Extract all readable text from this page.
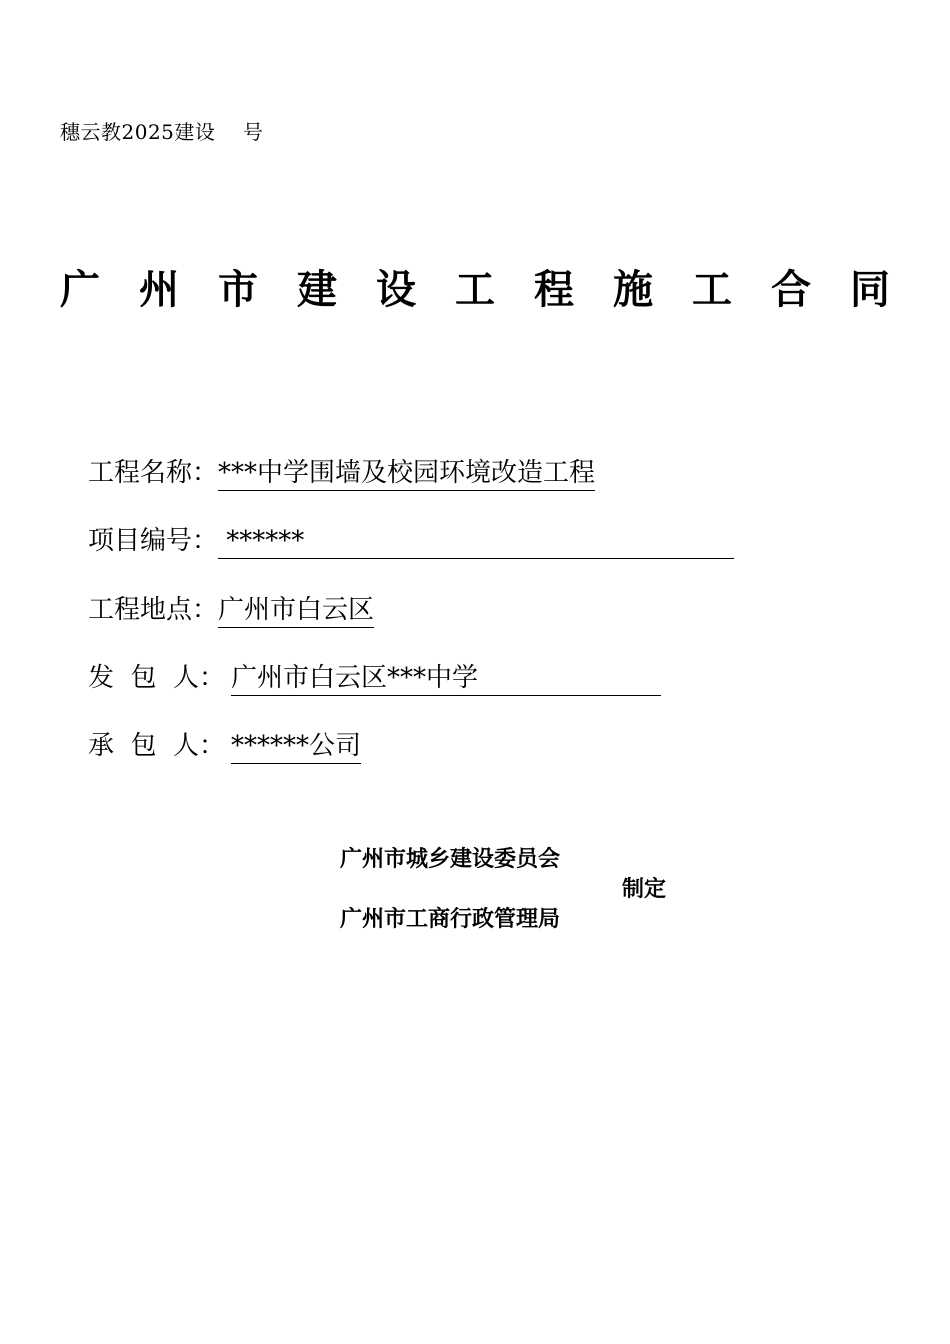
穗云教2025建设    号
广 州 市 建 设 工 程 施 工 合 同
工程名称： ***中学围墙及校园环境改造工程
项目编号： ******
工程地点： 广州市白云区
发  包  人： 广州市白云区***中学
承  包  人： ******公司
广州市城乡建设委员会
广州市工商行政管理局
制定
